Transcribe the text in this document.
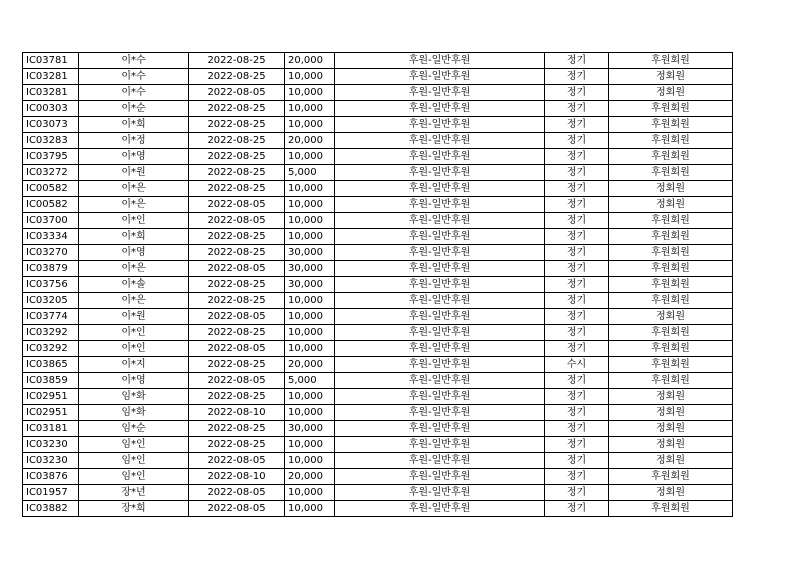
IC03781	이*수	2022-08-25	20,000	후원-일반후원	정기	후원회원
IC03281	이*수	2022-08-25	10,000	후원-일반후원	정기	정회원
IC03281	이*수	2022-08-05	10,000	후원-일반후원	정기	정회원
IC00303	이*순	2022-08-25	10,000	후원-일반후원	정기	후원회원
IC03073	이*희	2022-08-25	10,000	후원-일반후원	정기	후원회원
IC03283	이*정	2022-08-25	20,000	후원-일반후원	정기	후원회원
IC03795	이*영	2022-08-25	10,000	후원-일반후원	정기	후원회원
IC03272	이*원	2022-08-25	5,000	후원-일반후원	정기	후원회원
IC00582	이*은	2022-08-25	10,000	후원-일반후원	정기	정회원
IC00582	이*은	2022-08-05	10,000	후원-일반후원	정기	정회원
IC03700	이*인	2022-08-05	10,000	후원-일반후원	정기	후원회원
IC03334	이*희	2022-08-25	10,000	후원-일반후원	정기	후원회원
IC03270	이*영	2022-08-25	30,000	후원-일반후원	정기	후원회원
IC03879	이*은	2022-08-05	30,000	후원-일반후원	정기	후원회원
IC03756	이*솔	2022-08-25	30,000	후원-일반후원	정기	후원회원
IC03205	이*은	2022-08-25	10,000	후원-일반후원	정기	후원회원
IC03774	이*원	2022-08-05	10,000	후원-일반후원	정기	정회원
IC03292	이*인	2022-08-25	10,000	후원-일반후원	정기	후원회원
IC03292	이*인	2022-08-05	10,000	후원-일반후원	정기	후원회원
IC03865	이*지	2022-08-25	20,000	후원-일반후원	수시	후원회원
IC03859	이*영	2022-08-05	5,000	후원-일반후원	정기	후원회원
IC02951	임*화	2022-08-25	10,000	후원-일반후원	정기	정회원
IC02951	임*화	2022-08-10	10,000	후원-일반후원	정기	정회원
IC03181	임*순	2022-08-25	30,000	후원-일반후원	정기	정회원
IC03230	임*인	2022-08-25	10,000	후원-일반후원	정기	정회원
IC03230	임*인	2022-08-05	10,000	후원-일반후원	정기	정회원
IC03876	임*인	2022-08-10	20,000	후원-일반후원	정기	후원회원
IC01957	장*년	2022-08-05	10,000	후원-일반후원	정기	정회원
IC03882	장*희	2022-08-05	10,000	후원-일반후원	정기	후원회원
